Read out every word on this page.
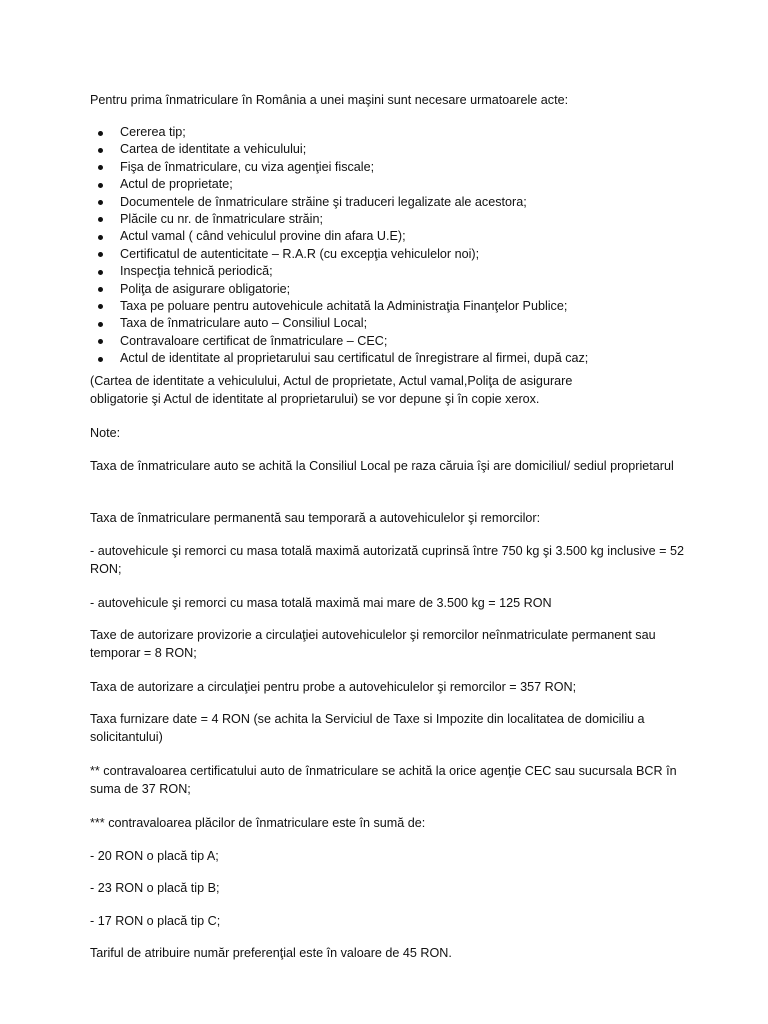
Pentru prima înmatriculare în România a unei maşini sunt necesare urmatoarele acte:

Cererea tip;
Cartea de identitate a vehiculului;
Fişa de înmatriculare, cu viza agenţiei fiscale;
Actul de proprietate;
Documentele de înmatriculare străine şi traduceri legalizate ale acestora;
Plăcile cu nr. de înmatriculare străin;
Actul vamal ( când vehiculul provine din afara U.E);
Certificatul de autenticitate – R.A.R (cu excepţia vehiculelor noi);
Inspecţia tehnică periodică;
Poliţa de asigurare obligatorie;
Taxa pe poluare pentru autovehicule achitată la Administraţia Finanţelor Publice;
Taxa de înmatriculare auto – Consiliul Local;
Contravaloare certificat de înmatriculare – CEC;
Actul de identitate al proprietarului sau certificatul de înregistrare al firmei, după caz;

(Cartea de identitate a vehiculului, Actul de proprietate, Actul vamal,Poliţa de asigurare obligatorie şi Actul de identitate al proprietarului) se vor depune şi în copie xerox.

Note:

Taxa de înmatriculare auto se achită la Consiliul Local pe raza căruia îşi are domiciliul/ sediul proprietarul

Taxa de înmatriculare permanentă sau temporară a autovehiculelor şi remorcilor:

- autovehicule şi remorci cu masa totală maximă autorizată cuprinsă între 750 kg şi 3.500 kg inclusive = 52 RON;

- autovehicule şi remorci cu masa totală maximă mai mare de 3.500 kg = 125 RON

Taxe de autorizare provizorie a circulaţiei autovehiculelor şi remorcilor neînmatriculate permanent sau temporar = 8 RON;

Taxa de autorizare a circulaţiei pentru probe a autovehiculelor şi remorcilor = 357 RON;

Taxa furnizare date = 4 RON (se achita la Serviciul de Taxe si Impozite din localitatea de domiciliu a solicitantului)

** contravaloarea certificatului auto de înmatriculare se achită la orice agenţie CEC sau sucursala BCR în suma de 37 RON;

*** contravaloarea plăcilor de înmatriculare este în sumă de:

- 20 RON o placă tip A;

- 23 RON o placă tip B;

- 17 RON o placă tip C;

Tariful de atribuire număr preferenţial este în valoare de 45 RON.
